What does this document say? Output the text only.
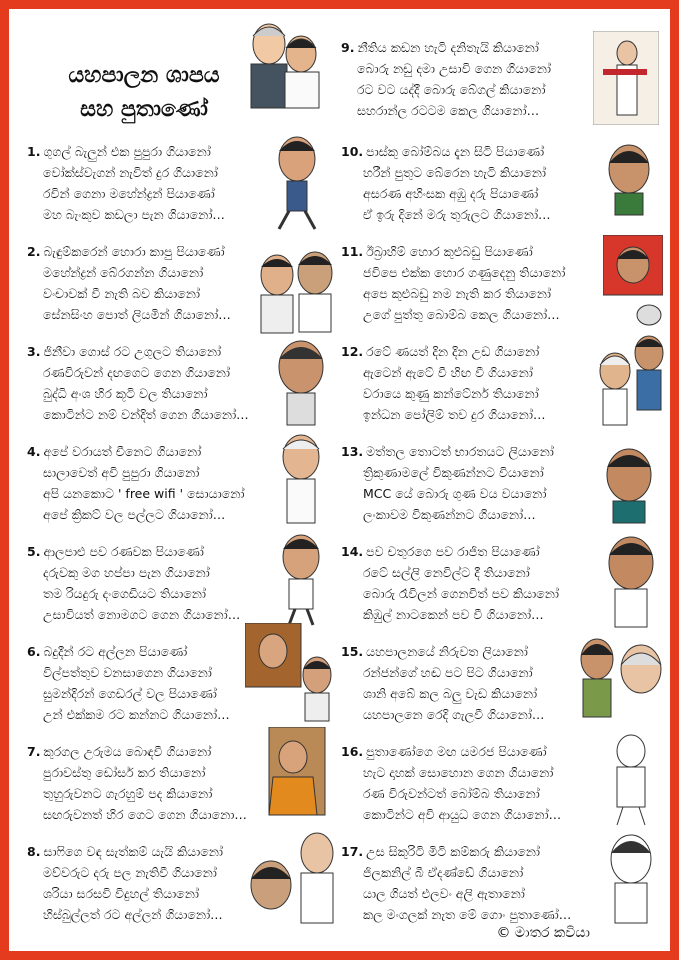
යහපාලන ශාපය
සහ පුතාණෝ
© මාතර කවියා
1. ගුගල් බැලුන් එක පුපුරා ගියානෝ
වෝක්ස්වැගන් නැවිත් දුර ගියානෝ
රවින් ගෙනා මහේන්ද්‍රන් පියාණෝ
මහ බැංකුව කඩලා පැන ගියානෝ…
2. බැඳුම්කරෙන් හොරා කාපු පියාණෝ
මහේන්ද්‍රන් බේරගන්න ගියානෝ
වංචාවක් වී නැති බව කියානෝ
සේනසිංහ පොත් ලියමින් ගියානෝ…
3. ජිනීවා ගොස් රට උගුලට තියානෝ
රණවිරුවන් දඟගෙට ගෙන ගියානෝ
බුද්ධි අංශ හිර කූටි වල තියානෝ
කොටින්ට නම් වන්දිත් ගෙන ගියානෝ…
4. අපේ වරායත් චීනෙට ගියානෝ
සාලාවෙත් අවි පුපුරා ගියානෝ
අපි යනකොට ' free wifi ' සොයානෝ
අපේ ක්‍රිකට් වල පල්ලට ගියානෝ…
5. ආලපාළු පව රණවක පියාණෝ
දරුවකු මග හප්පා පැන ගියානෝ
තම රියදුරු දංගෙඩියට තියානෝ
උසාවියත් නොමගට ගෙන ගියානෝ…
6. බදුදීන් රට අල්ලන පියාණෝ
විල්පත්තුව වනසාගෙන ගියානෝ
සුමන්දිරන් ගෙඩරල් වල පියාණෝ
උන් එක්කම රට කන්නට ගියානෝ…
7. කුරගල උරුමය බොඳවී ගියානෝ
පුරාවස්තු ඩෝසර් කර තියානෝ
තුහුරුවනට ගැරහුම් පද කියානෝ
සඟරුවනත් හිර ගෙට ගෙන ගියානො…
8. සාෆිගෙ වඳ සැත්කම් යැයි කියානෝ
මව්වරුට දරු පල නැතිවී ගියානෝ
ශරියා සරසවි විදුහල් තියානෝ
හිස්බුල්ලත් රට අල්ලන් ගියානෝ…
9. නීතිය කඩන හැටි දනිතැයි කියානෝ
බොරු නඩු දමා උසාවි ගෙන ගියානෝ
රට වට යද්දී බොරු බේගල් කියානෝ
සහරාන්ල රටටම කෙල ගියානෝ…
10. පාස්කු බෝම්බය දැන සිටි පියාණෝ
හරීන් පුතුට බේරෙන හැටි කියානෝ
අසරණ අහිංසක අඹු දරු පියාණෝ
ඒ ඉරු දිනේ මරු තුරුලට ගියානෝ…
11. ඊබ්‍රාහිම් හොර කුළුබඩු පියාණෝ
ජවිපෙ එක්ක හොර ගණුදෙනු තියානෝ
අපෙ කුළුබඩු නම නැති කර තියානෝ
උගේ පුත්තු බොම්බ කෙල ගියානෝ…
12. රටේ ණයත් දින දින උඩ ගියානෝ
ඇටෙන් ඇටේ වී හිඟ වී ගියානෝ
වරායෙ කුණු කන්ටේනර් තියානෝ
ඉන්ධන පෝලිම් තව දුර ගියානෝ…
13. මත්තල තොටත් භාරතයට ලියානෝ
ත්‍රිකුණාමලේ විකුණන්නට වියානෝ
MCC යේ බොරු ගුණ වය වයානෝ
ලංකාවම විකුණන්නට ගියානෝ…
14. පව චතුරගෙ පව රාජිත පියාණෝ
රටේ සල්ලි නෙවිල්ට දී තියානෝ
බොරු රෑවිලන් ගෙනවිත් පව කියානෝ
කිඹුල් නාටකෙන් පව වී ගියානෝ…
15. යහපාලනයේ නිරුවත ලියානෝ
රන්ජන්ගේ හඬ පට පිට ගියානෝ
ශානි අබේ කල බලු වැඩ කියානෝ
යහපාලනෙ රෙදි ගැලවී ගියානෝ…
16. පුතාණෝගෙ මඟ යමරජ පියාණෝ
හැට දාහක් සොහොන ගෙන ගියානෝ
රණ විරුවන්ටත් බෝම්බ තියානෝ
කොටින්ට අවි ආයුධ ගෙන ගියානෝ…
17. උස සිකුරිටි මිටි කම්කරු කියානෝ
ජිලකනිල් බී ඒදණ්ඩේ ගියානෝ
යාල ගියත් එලවං අලි ඇතානෝ
කල මංගලක් නැත මේ ගොං පුතාණෝ…
